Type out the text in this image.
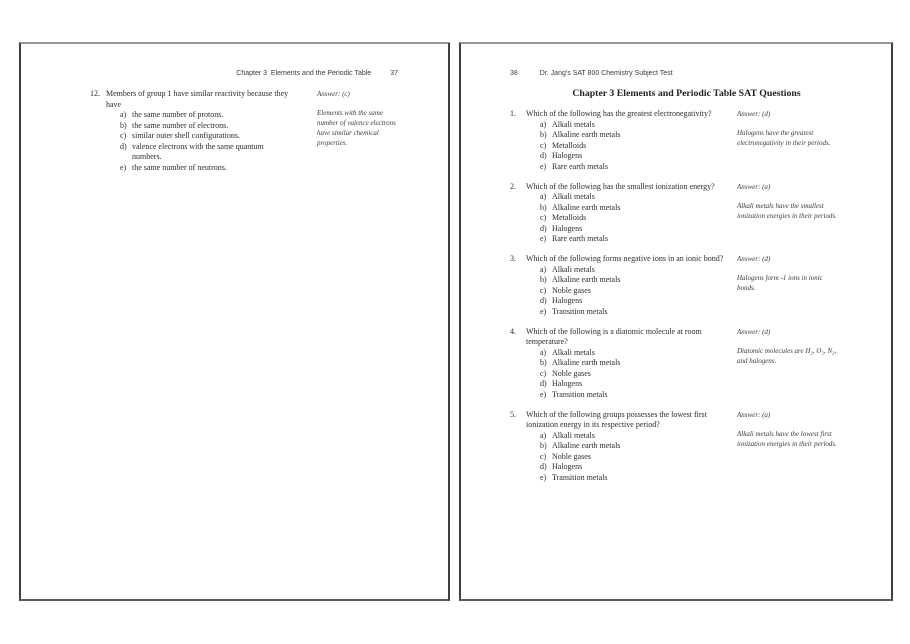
Chapter 3  Elements and the Periodic Table	37
12. Members of group 1 have similar reactivity because they have
a) the same number of protons.
b) the same number of electrons.
c) similar outer shell configurations.
d) valence electrons with the same quantum numbers.
e) the same number of neutrons.
Answer: (c)
Elements with the same number of valence electrons have similar chemical properties.
38	Dr. Jang's SAT 800 Chemistry Subject Test
Chapter 3 Elements and Periodic Table SAT Questions
1.	Which of the following has the greatest electronegativity?
a) Alkali metals
b) Alkaline earth metals
c) Metalloids
d) Halogens
e) Rare earth metals
Answer: (d)
Halogens have the greatest electronegativity in their periods.
2.	Which of the following has the smallest ionization energy?
a) Alkali metals
b) Alkaline earth metals
c) Metalloids
d) Halogens
e) Rare earth metals
Answer: (a)
Alkali metals have the smallest ionization energies in their periods.
3.	Which of the following forms negative ions in an ionic bond?
a) Alkali metals
b) Alkaline earth metals
c) Noble gases
d) Halogens
e) Transition metals
Answer: (d)
Halogens form -1 ions in ionic bonds.
4.	Which of the following is a diatomic molecule at room temperature?
a) Alkali metals
b) Alkaline earth metals
c) Noble gases
d) Halogens
e) Transition metals
Answer: (d)
Diatomic molecules are H₂, O₂, N₂, and halogens.
5.	Which of the following groups possesses the lowest first ionization energy in its respective period?
a) Alkali metals
b) Alkaline earth metals
c) Noble gases
d) Halogens
e) Transition metals
Answer: (a)
Alkali metals have the lowest first ionization energies in their periods.
